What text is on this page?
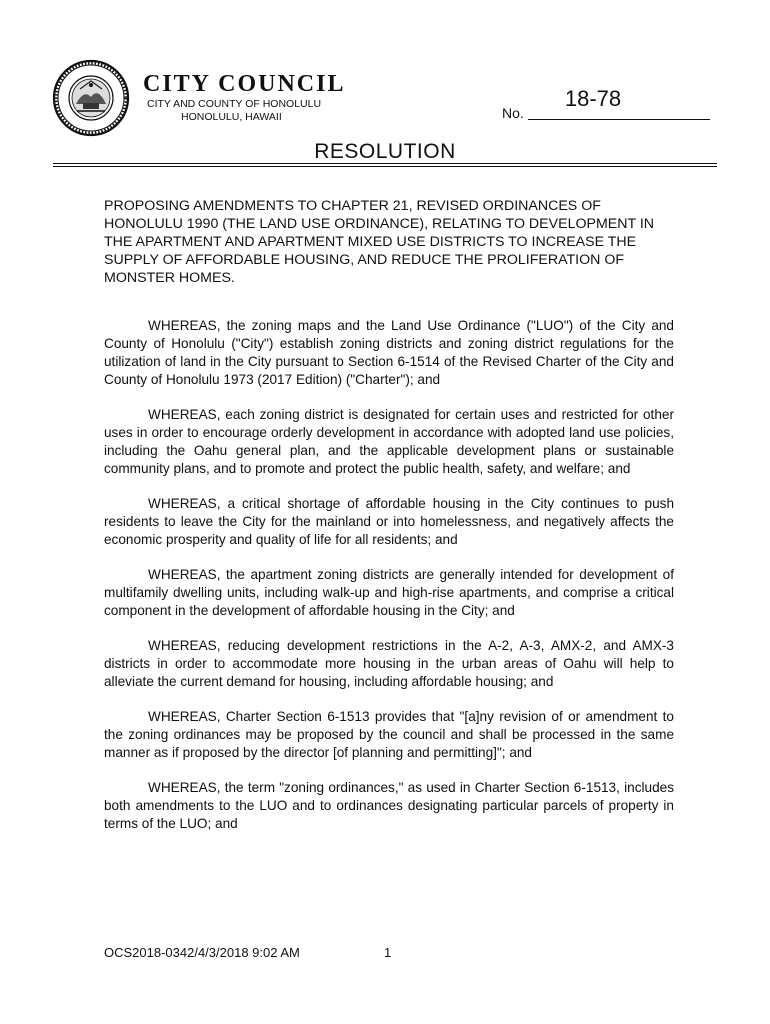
CITY COUNCIL
CITY AND COUNTY OF HONOLULU
HONOLULU, HAWAII
18-78
No.
RESOLUTION
PROPOSING AMENDMENTS TO CHAPTER 21, REVISED ORDINANCES OF HONOLULU 1990 (THE LAND USE ORDINANCE), RELATING TO DEVELOPMENT IN THE APARTMENT AND APARTMENT MIXED USE DISTRICTS TO INCREASE THE SUPPLY OF AFFORDABLE HOUSING, AND REDUCE THE PROLIFERATION OF MONSTER HOMES.

WHEREAS, the zoning maps and the Land Use Ordinance ("LUO") of the City and County of Honolulu ("City") establish zoning districts and zoning district regulations for the utilization of land in the City pursuant to Section 6-1514 of the Revised Charter of the City and County of Honolulu 1973 (2017 Edition) ("Charter"); and

WHEREAS, each zoning district is designated for certain uses and restricted for other uses in order to encourage orderly development in accordance with adopted land use policies, including the Oahu general plan, and the applicable development plans or sustainable community plans, and to promote and protect the public health, safety, and welfare; and

WHEREAS, a critical shortage of affordable housing in the City continues to push residents to leave the City for the mainland or into homelessness, and negatively affects the economic prosperity and quality of life for all residents; and

WHEREAS, the apartment zoning districts are generally intended for development of multifamily dwelling units, including walk-up and high-rise apartments, and comprise a critical component in the development of affordable housing in the City; and

WHEREAS, reducing development restrictions in the A-2, A-3, AMX-2, and AMX-3 districts in order to accommodate more housing in the urban areas of Oahu will help to alleviate the current demand for housing, including affordable housing; and

WHEREAS, Charter Section 6-1513 provides that "[a]ny revision of or amendment to the zoning ordinances may be proposed by the council and shall be processed in the same manner as if proposed by the director [of planning and permitting]"; and

WHEREAS, the term "zoning ordinances," as used in Charter Section 6-1513, includes both amendments to the LUO and to ordinances designating particular parcels of property in terms of the LUO; and

OCS2018-0342/4/3/2018 9:02 AM	1
